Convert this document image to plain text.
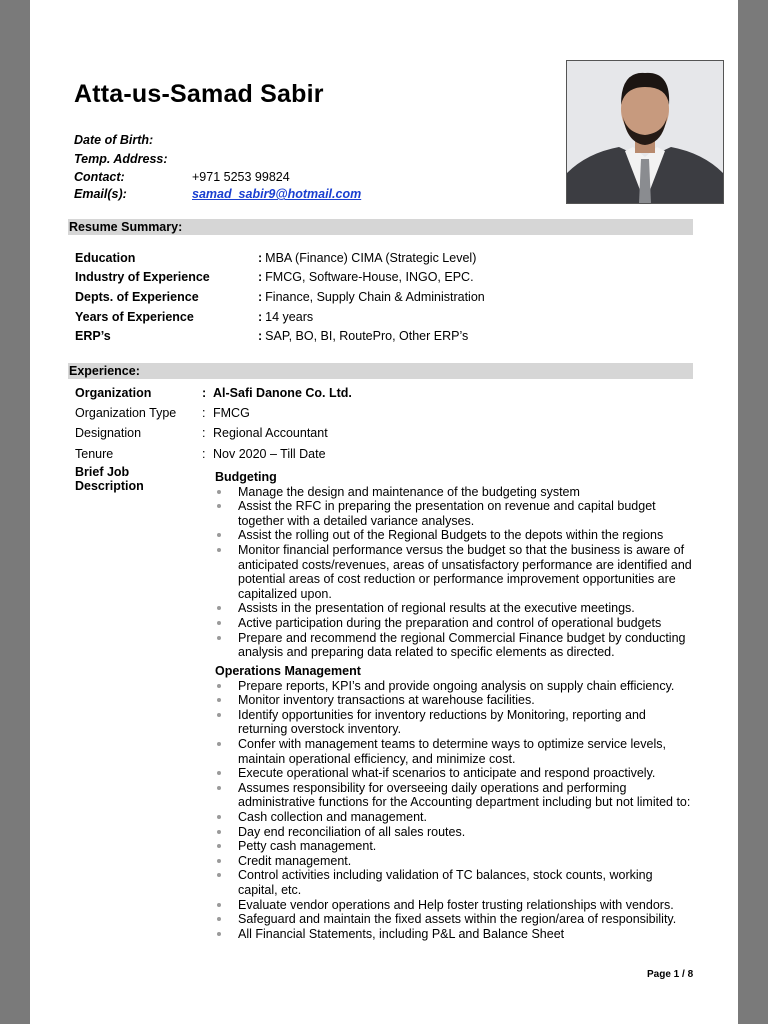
Atta-us-Samad Sabir
Date of Birth:
Temp. Address:
Contact:	+971 5253 99824
Email(s):	samad_sabir9@hotmail.com
Resume Summary:
Education	: MBA (Finance) CIMA (Strategic Level)
Industry of Experience	: FMCG, Software-House, INGO, EPC.
Depts. of Experience	: Finance, Supply Chain & Administration
Years of Experience	: 14 years
ERP’s	: SAP, BO, BI, RoutePro, Other ERP’s
Experience:
Organization	: Al-Safi Danone Co. Ltd.
Organization Type : FMCG
Designation	: Regional Accountant
Tenure	: Nov 2020 – Till Date
Brief Job Description
Budgeting
Manage the design and maintenance of the budgeting system
Assist the RFC in preparing the presentation on revenue and capital budget together with a detailed variance analyses.
Assist the rolling out of the Regional Budgets to the depots within the regions
Monitor financial performance versus the budget so that the business is aware of anticipated costs/revenues, areas of unsatisfactory performance are identified and potential areas of cost reduction or performance improvement opportunities are capitalized upon.
Assists in the presentation of regional results at the executive meetings.
Active participation during the preparation and control of operational budgets
Prepare and recommend the regional Commercial Finance budget by conducting analysis and preparing data related to specific elements as directed.
Operations Management
Prepare reports, KPI’s and provide ongoing analysis on supply chain efficiency.
Monitor inventory transactions at warehouse facilities.
Identify opportunities for inventory reductions by Monitoring, reporting and returning overstock inventory.
Confer with management teams to determine ways to optimize service levels, maintain operational efficiency, and minimize cost.
Execute operational what-if scenarios to anticipate and respond proactively.
Assumes responsibility for overseeing daily operations and performing administrative functions for the Accounting department including but not limited to:
Cash collection and management.
Day end reconciliation of all sales routes.
Petty cash management.
Credit management.
Control activities including validation of TC balances, stock counts, working capital, etc.
Evaluate vendor operations and Help foster trusting relationships with vendors.
Safeguard and maintain the fixed assets within the region/area of responsibility.
All Financial Statements, including P&L and Balance Sheet
Page 1 / 8
